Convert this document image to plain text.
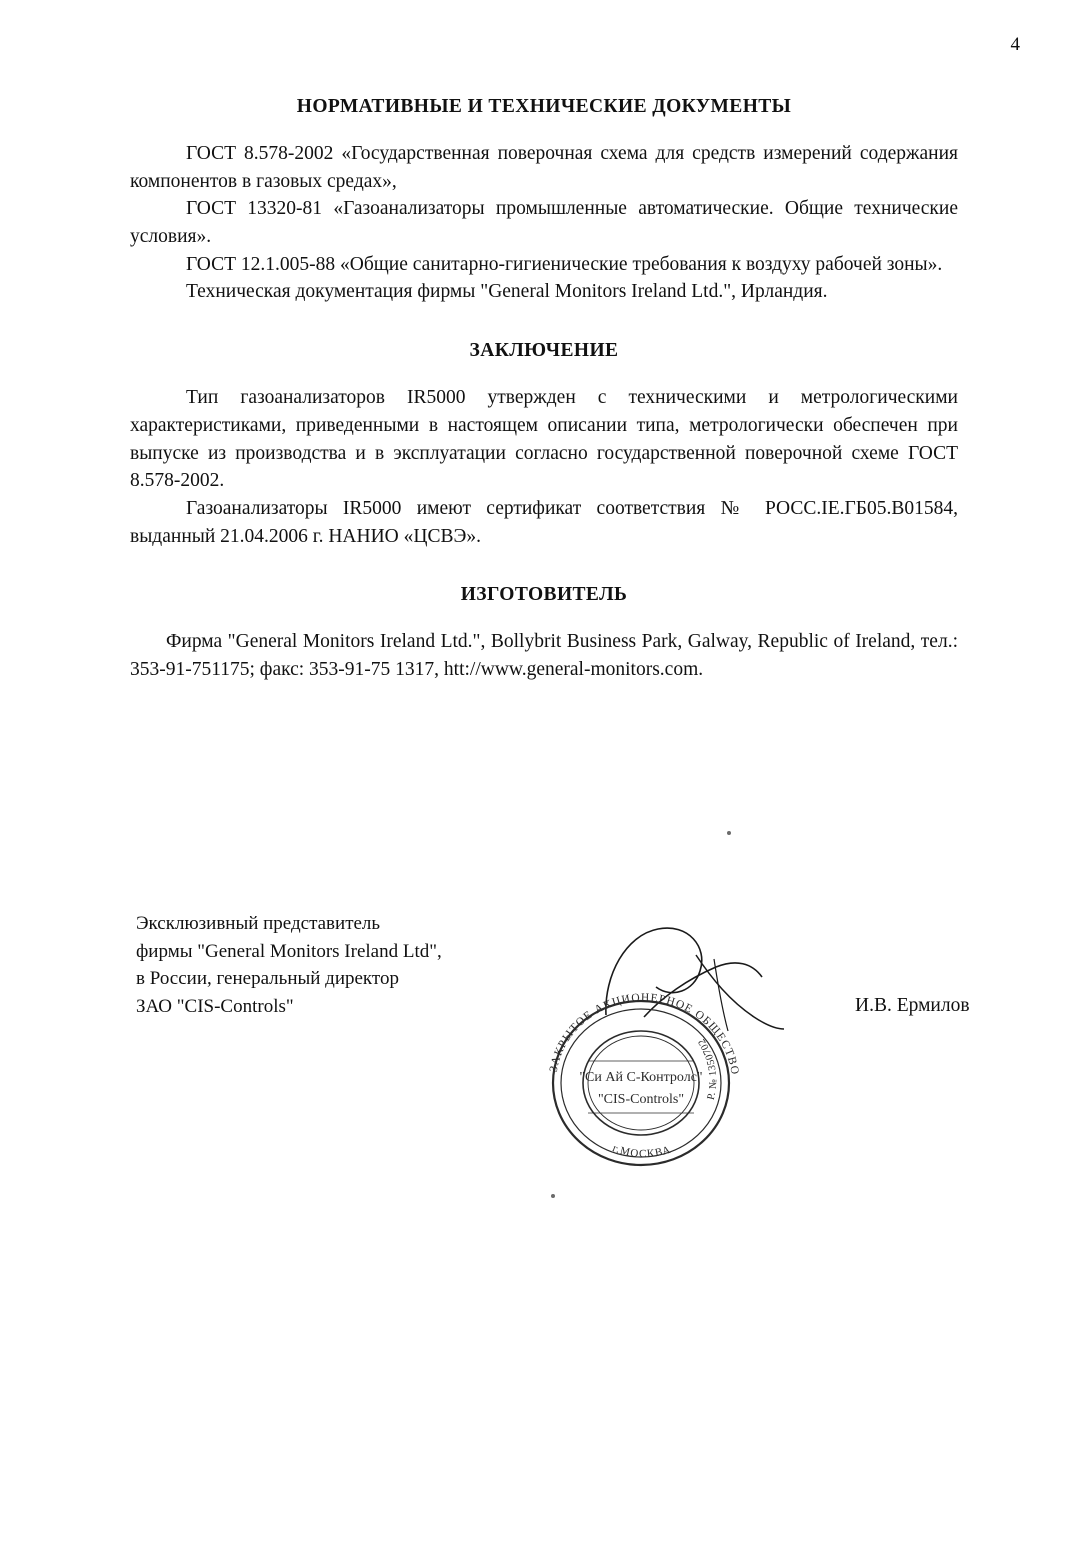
4
НОРМАТИВНЫЕ И ТЕХНИЧЕСКИЕ ДОКУМЕНТЫ

ГОСТ 8.578-2002 «Государственная поверочная схема для средств измерений содержания компонентов в газовых средах»,

ГОСТ 13320-81 «Газоанализаторы промышленные автоматические. Общие технические условия».

ГОСТ 12.1.005-88 «Общие санитарно-гигиенические требования к воздуху рабочей зоны».

Техническая документация фирмы "General Monitors Ireland Ltd.", Ирландия.

ЗАКЛЮЧЕНИЕ

Тип газоанализаторов IR5000 утвержден с техническими и метрологическими характеристиками, приведенными в настоящем описании типа, метрологически обеспечен при выпуске из производства и в эксплуатации согласно государственной поверочной схеме ГОСТ 8.578-2002.

Газоанализаторы IR5000 имеют сертификат соответствия № РОСС.IE.ГБ05.В01584, выданный 21.04.2006 г. НАНИО «ЦСВЭ».

ИЗГОТОВИТЕЛЬ

Фирма "General Monitors Ireland Ltd.", Bollybrit Business Park, Galway, Republic of Ireland, тел.: 353-91-751175; факс: 353-91-75 1317, htt://www.general-monitors.com.

Эксклюзивный представитель
фирмы "General Monitors Ireland Ltd",
в России, генеральный директор
ЗАО "CIS-Controls"	И.В. Ермилов
ЗАКРЫТОЕ АКЦИОНЕРНОЕ ОБЩЕСТВО
г.МОСКВА
Р. № 1350702
"Си Ай С-Контролс"
"CIS-Controls"
